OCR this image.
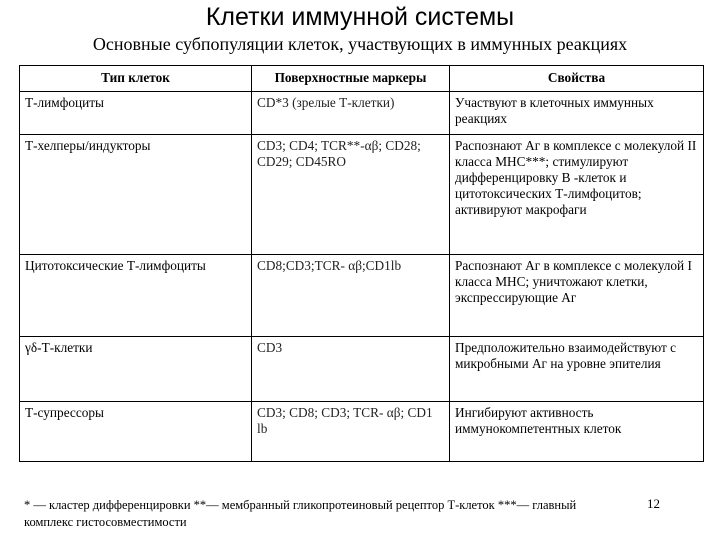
Клетки иммунной системы
Основные субпопуляции клеток, участвующих в иммунных реакциях
Тип клеток	Поверхностные маркеры	Свойства
Т-лимфоциты	CD*3 (зрелые Т-клетки)	Участвуют в клеточных иммунных реакциях
Т-хелперы/индукторы	CD3; CD4; TCR**-αβ; CD28; CD29; CD45RO	Распознают Аг в комплексе с молекулой II класса MHC***; стимулируют дифференцировку В -клеток и цитотоксических Т-лимфоцитов; активируют макрофаги
Цитотоксические Т-лимфоциты	CD8;CD3;TCR- αβ;CD1lb	Распознают Аг в комплексе с молекулой I класса MHC; уничтожают клетки, экспрессирующие Аг
γδ-Т-клетки	CD3	Предположительно взаимодействуют с микробными Аг на уровне эпителия
Т-супрессоры	CD3; CD8; CD3; TCR- αβ; CD1 lb	Ингибируют активность иммунокомпетентных клеток
* — кластер дифференцировки **— мембранный гликопротеиновый рецептор Т-клеток ***— главный комплекс гистосовместимости
12
